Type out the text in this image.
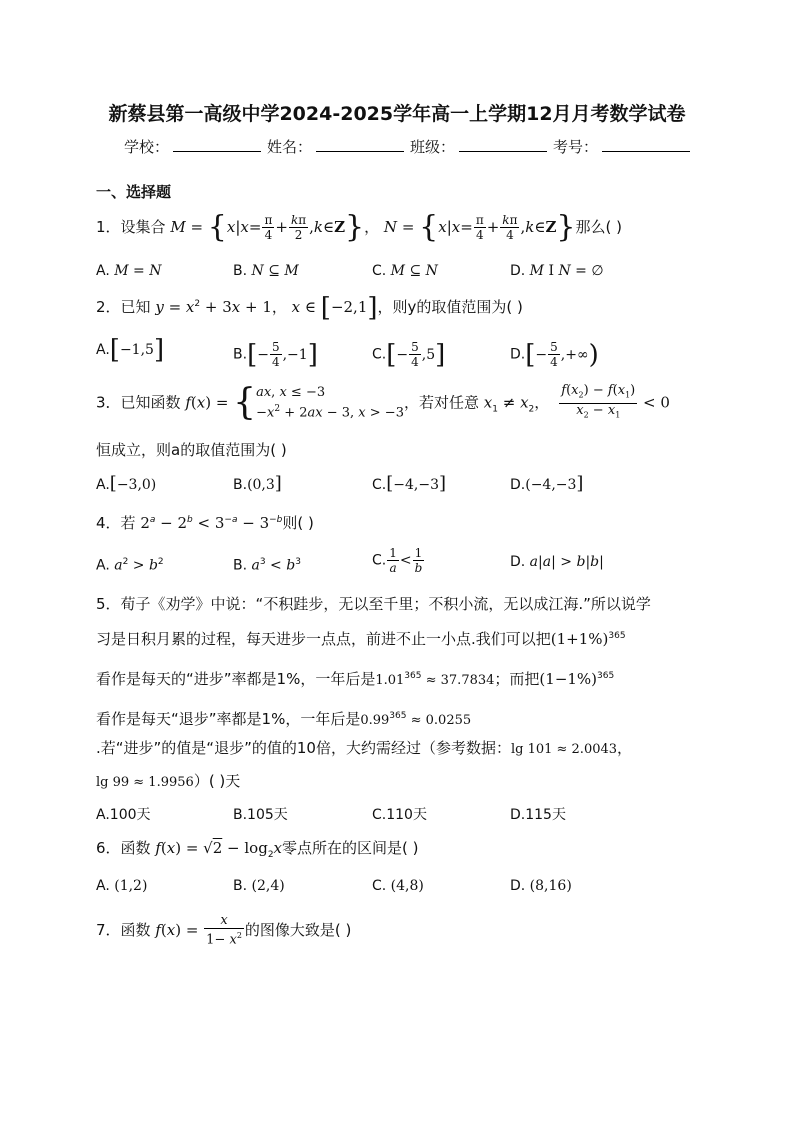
新蔡县第一高级中学2024-2025学年高一上学期12月月考数学试卷
学校：	姓名：	班级：	考号：
一、选择题
1．设集合 $M = \{x|x= \frac{\pi}{4} + \frac{k\pi}{2}$ ,k∈Z}， $N = \{x|x= \frac{\pi}{4} + \frac{k\pi}{4}$ ,k∈Z}那么( )
A. M = N	B. N ⊆ M	C. M ⊆ N	D. M I N = ∅
2．已知 $y = x^2 + 3x + 1$， x ∈ [−2,1]，则y的取值范围为( )
A.[−1,5]	$B.[- \frac{5}{4} ,-1]$	$C.[- \frac{5}{4} ,5]$	$D.[- \frac{5}{4}$ ,+∞)
3．已知函数 f(x) = { ax, x ≤ −3
$-x^2 + 2ax - 3$, x > −3
，若对任意 $x_1 \ne x_2$， $\frac{f(x_2) - f(x_1)}{x_2 - x_1} < 0$
恒成立，则a的取值范围为( )
A.[−3,0)	B.(0,3]	C.[−4,−3]	D.(−4,−3]
4．若 $2^a - 2^b < 3^{-a} - 3^{-b}$则( )
A. $a^2 > b^2$	B. $a^3 < b^3$	C. $\frac{1}{a} < \frac{1}{b}$	D. a|a| > b|b|
5．荀子《劝学》中说：“不积跬步，无以至千里；不积小流，无以成江海.”所以说学
习是日积月累的过程，每天进步一点点，前进不止一小点.我们可以把$(1+1\%)^{365}$
看作是每天的“进步”率都是1%，一年后是$1.01^{365} \approx 37.7834$；而把$(1-1\%)^{365}$
看作是每天“退步”率都是1%，一年后是$0.99^{365} \approx 0.0255$
.若“进步”的值是“退步”的值的10倍，大约需经过（参考数据：lg 101 ≈ 2.0043，
lg 99 ≈ 1.9956）( )天
A.100天	B.105天	C.110天	D.115天
6．函数 $f(x) = √2 - \log_2x$零点所在的区间是( )
A. (1,2)	B. (2,4)	C. (4,8)	D. (8,16)
7．函数 $f(x) = \frac{x}{1- x^2}$ 的图像大致是( )
